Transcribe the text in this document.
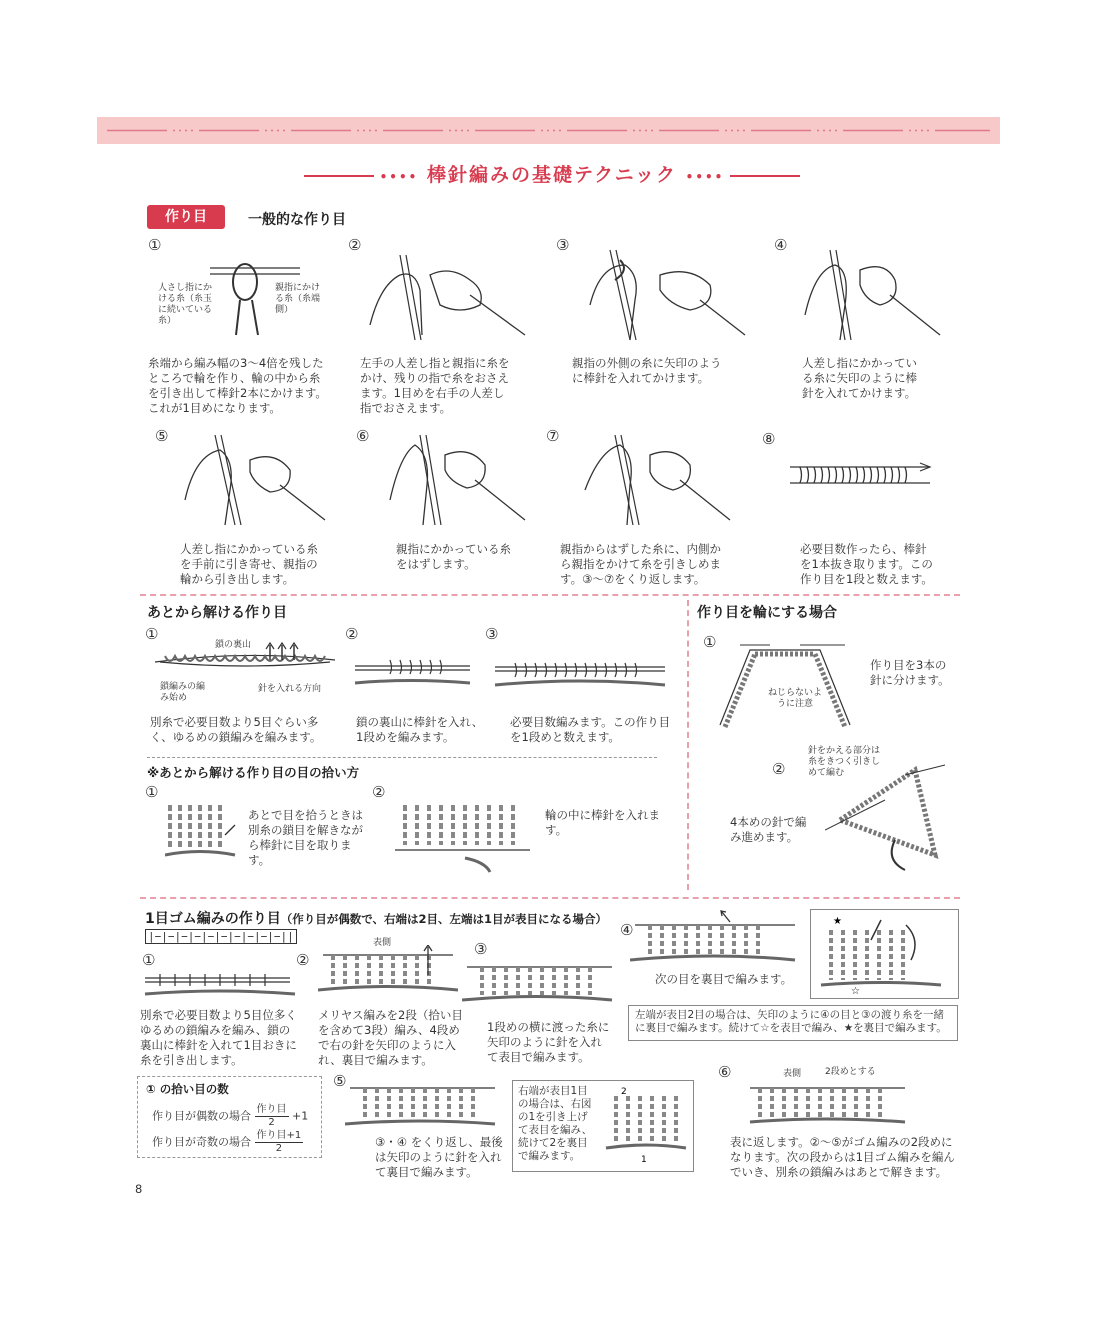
•••• 棒針編みの基礎テクニック ••••
作り目	一般的な作り目
①
人さし指にかける糸（糸玉に続いている糸）
親指にかける糸（糸端側）
糸端から編み幅の3～4倍を残したところで輪を作り、輪の中から糸を引き出して棒針2本にかけます。これが1目めになります。
②
左手の人差し指と親指に糸をかけ、残りの指で糸をおさえます。1目めを右手の人差し指でおさえます。
③
親指の外側の糸に矢印のように棒針を入れてかけます。
④
人差し指にかかっている糸に矢印のように棒針を入れてかけます。
⑤
人差し指にかかっている糸を手前に引き寄せ、親指の輪から引き出します。
⑥
親指にかかっている糸をはずします。
⑦
親指からはずした糸に、内側から親指をかけて糸を引きしめます。③～⑦をくり返します。
⑧
必要目数作ったら、棒針を1本抜き取ります。この作り目を1段と数えます。
あとから解ける作り目
①
鎖の裏山
鎖編みの編み始め
針を入れる方向
別糸で必要目数より5目ぐらい多く、ゆるめの鎖編みを編みます。
②
鎖の裏山に棒針を入れ、1段めを編みます。
③
必要目数編みます。この作り目を1段めと数えます。
※あとから解ける作り目の目の拾い方
①
あとで目を拾うときは別糸の鎖目を解きながら棒針に目を取ります。
②
輪の中に棒針を入れます。
作り目を輪にする場合
①
作り目を3本の針に分けます。
ねじらないように注意
②
針をかえる部分は糸をきつく引きしめて編む
4本めの針で編み進めます。
1目ゴム編みの作り目（作り目が偶数で、右端は2目、左端は1目が表目になる場合）
|−|−|−|−|−|−|−|−|−|−||
①
別糸で必要目数より5目位多くゆるめの鎖編みを編み、鎖の裏山に棒針を入れて1目おきに糸を引き出します。
②
表側
メリヤス編みを2段（拾い目を含めて3段）編み、4段めで右の針を矢印のように入れ、裏目で編みます。
③
1段めの横に渡った糸に矢印のように針を入れて表目で編みます。
④
次の目を裏目で編みます。
★
☆
左端が表目2目の場合は、矢印のように④の目と③の渡り糸を一緒に裏目で編みます。続けて☆を表目で編み、★を裏目で編みます。
⑤
③・④ をくり返し、最後は矢印のように針を入れて裏目で編みます。
右端が表目1目の場合は、右図の1を引き上げて表目を編み、続けて2を裏目で編みます。
2
1
⑥	表側	2段めとする
表に返します。②～⑤がゴム編みの2段めになります。次の段からは1目ゴム編みを編んでいき、別糸の鎖編みはあとで解きます。
① の拾い目の数
作り目が偶数の場合 $\frac{\text{作り目}}{2} +1$
作り目が奇数の場合 $\frac{\text{作り目+1}}{2}$
8
